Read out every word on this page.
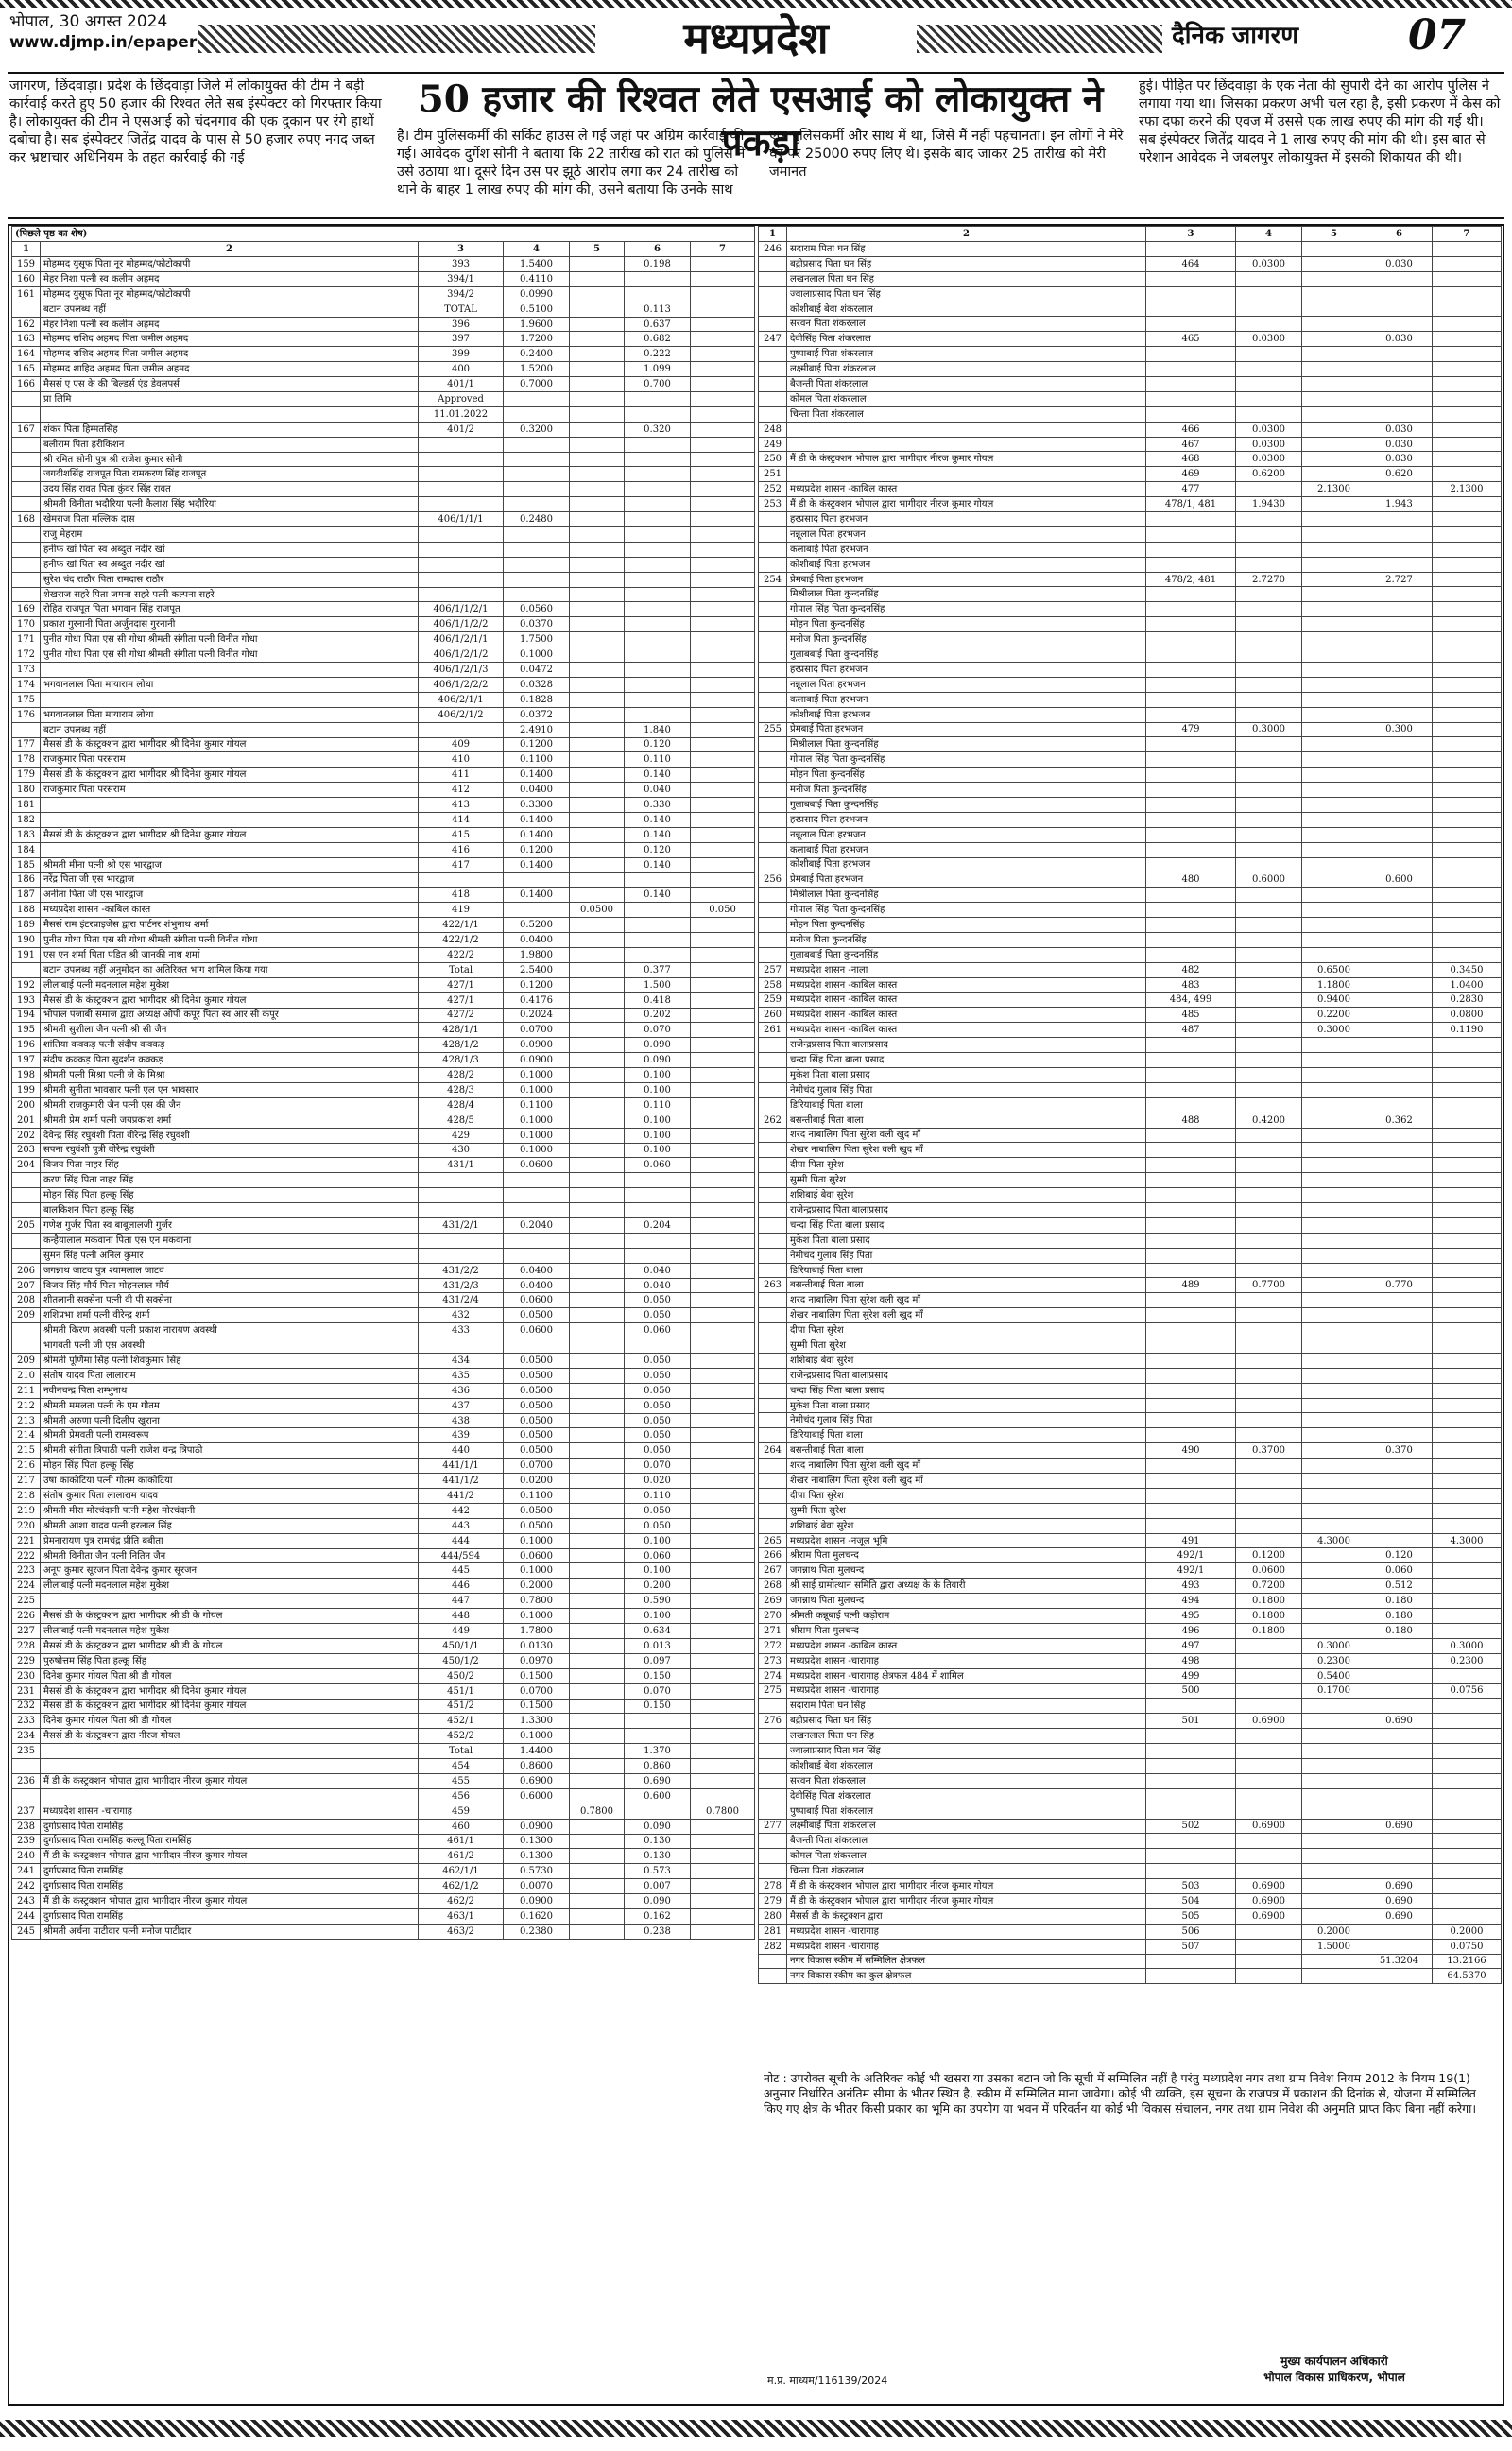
भोपाल, 30 अगस्त 2024
www.djmp.in/epaper	मध्यप्रदेश	दैनिक जागरण	07
जागरण, छिंदवाड़ा। प्रदेश के छिंदवाड़ा जिले में लोकायुक्त की टीम ने बड़ी कार्रवाई करते हुए 50 हजार की रिश्वत लेते सब इंस्पेक्टर को गिरफ्तार किया है। लोकायुक्त की टीम ने एसआई को चंदनगाव की एक दुकान पर रंगे हाथों दबोचा है। सब इंस्पेक्टर जितेंद्र यादव के पास से 50 हजार रुपए नगद जब्त कर भ्रष्टाचार अधिनियम के तहत कार्रवाई की गई
50 हजार की रिश्वत लेते एसआई को लोकायुक्त ने पकड़ा
है। टीम पुलिसकर्मी की सर्किट हाउस ले गई जहां पर अग्रिम कार्रवाई की गई। आवेदक दुर्गेश सोनी ने बताया कि 22 तारीख को रात को पुलिस ने उसे उठाया था। दूसरे दिन उस पर झूठे आरोप लगा कर 24 तारीख को थाने के बाहर 1 लाख रुपए की मांग की, उसने बताया कि उनके साथ एक पुलिसकर्मी और साथ में था, जिसे मैं नहीं पहचानता। इन लोगों ने मेरे घर पर 25000 रुपए लिए थे। इसके बाद जाकर 25 तारीख को मेरी जमानत
हुई। पीड़ित पर छिंदवाड़ा के एक नेता की सुपारी देने का आरोप पुलिस ने लगाया गया था। जिसका प्रकरण अभी चल रहा है, इसी प्रकरण में केस को रफा दफा करने की एवज में उससे एक लाख रुपए की मांग की गई थी। सब इंस्पेक्टर जितेंद्र यादव ने 1 लाख रुपए की मांग की थी। इस बात से परेशान आवेदक ने जबलपुर लोकायुक्त में इसकी शिकायत की थी।
(पिछले पृष्ठ का शेष)						
1	2	3	4	5	6	7
159	मोहम्मद युसूफ पिता नूर मोहम्मद/फोटोकापी	393	1.5400		0.198	
160	मेहर निशा पत्नी स्व कलीम अहमद	394/1	0.4110			
161	मोहम्मद युसूफ पिता नूर मोहम्मद/फोटोकापी	394/2	0.0990			
	बटान उपलब्ध नहीं	TOTAL	0.5100		0.113	
162	मेहर निशा पत्नी स्व कलीम अहमद	396	1.9600		0.637	
163	मोहम्मद राशिद अहमद पिता जमील अहमद	397	1.7200		0.682	
164	मोहम्मद राशिद अहमद पिता जमील अहमद	399	0.2400		0.222	
165	मोहम्मद शाहिद अहमद पिता जमील अहमद	400	1.5200		1.099	
166	मैसर्स ए एस के की बिल्डर्स एंड डेवलपर्स	401/1	0.7000		0.700	
	प्रा लिमि	Approved				
		11.01.2022				
167	शंकर पिता हिम्मतसिंह	401/2	0.3200		0.320	
	बलीराम पिता हरीकिशन					
	श्री रमित सोनी पुत्र श्री राजेश कुमार सोनी					
	जगदीशसिंह राजपूत पिता रामकरण सिंह राजपूत					
	उदय सिंह रावत पिता कुंवर सिंह रावत					
	श्रीमती विनीता भदौरिया पत्नी कैलाश सिंह भदौरिया					
168	खेमराज पिता मल्लिक दास	406/1/1/1	0.2480			
	राजु मेहराम					
	हनीफ खां पिता स्व अब्दुल नदीर खां					
	हनीफ खां पिता स्व अब्दुल नदीर खां					
	सुरेश चंद राठौर पिता रामदास राठौर					
	शेखराज सहरे पिता जमना सहरे पत्नी कल्पना सहरे					
169	रोहित राजपूत पिता भगवान सिंह राजपूत	406/1/1/2/1	0.0560			
170	प्रकाश गुरनानी पिता अर्जुनदास गुरनानी	406/1/1/2/2	0.0370			
171	पुनीत गोधा पिता एस सी गोधा श्रीमती संगीता पत्नी विनीत गोधा	406/1/2/1/1	1.7500			
172	पुनीत गोधा पिता एस सी गोधा श्रीमती संगीता पत्नी विनीत गोधा	406/1/2/1/2	0.1000			
173		406/1/2/1/3	0.0472			
174	भगवानलाल पिता मायाराम लोधा	406/1/2/2/2	0.0328			
175		406/2/1/1	0.1828			
176	भगवानलाल पिता मायाराम लोधा	406/2/1/2	0.0372			
	बटान उपलब्ध नहीं		2.4910		1.840	
177	मैसर्स डी के कंस्ट्रक्शन द्वारा भागीदार श्री दिनेश कुमार गोयल	409	0.1200		0.120	
178	राजकुमार पिता परसराम	410	0.1100		0.110	
179	मैसर्स डी के कंस्ट्रक्शन द्वारा भागीदार श्री दिनेश कुमार गोयल	411	0.1400		0.140	
180	राजकुमार पिता परसराम	412	0.0400		0.040	
181		413	0.3300		0.330	
182		414	0.1400		0.140	
183	मैसर्स डी के कंस्ट्रक्शन द्वारा भागीदार श्री दिनेश कुमार गोयल	415	0.1400		0.140	
184		416	0.1200		0.120	
185	श्रीमती मीना पत्नी श्री एस भारद्वाज	417	0.1400		0.140	
186	नरेंद्र पिता जी एस भारद्वाज					
187	अनीता पिता जी एस भारद्वाज	418	0.1400		0.140	
188	मध्यप्रदेश शासन -काबिल कास्त	419		0.0500		0.050
189	मैसर्स राम इंटरप्राइजेस द्वारा पार्टनर शंभुनाथ शर्मा	422/1/1	0.5200			
190	पुनीत गोधा पिता एस सी गोधा श्रीमती संगीता पत्नी विनीत गोधा	422/1/2	0.0400			
191	एस एन शर्मा पिता पंडित श्री जानकी नाथ शर्मा	422/2	1.9800			
	बटान उपलब्ध नहीं अनुमोदन का अतिरिक्त भाग शामिल किया गया	Total	2.5400		0.377	
192	लीलाबाई पत्नी मदनलाल महेश मुकेश	427/1	0.1200		1.500	
193	मैसर्स डी के कंस्ट्रक्शन द्वारा भागीदार श्री दिनेश कुमार गोयल	427/1	0.4176		0.418	
194	भोपाल पंजाबी समाज द्वारा अध्यक्ष ओपी कपूर पिता स्व आर सी कपूर	427/2	0.2024		0.202	
195	श्रीमती सुशीला जैन पत्नी श्री सी जैन	428/1/1	0.0700		0.070	
196	शांतिया कक्कड़ पत्नी संदीप कक्कड़	428/1/2	0.0900		0.090	
197	संदीप कक्कड़ पिता सुदर्शन कक्कड़	428/1/3	0.0900		0.090	
198	श्रीमती पत्नी मिश्रा पत्नी जे के मिश्रा	428/2	0.1000		0.100	
199	श्रीमती सुनीता भावसार पत्नी एल एन भावसार	428/3	0.1000		0.100	
200	श्रीमती राजकुमारी जैन पत्नी एस की जैन	428/4	0.1100		0.110	
201	श्रीमती प्रेम शर्मा पत्नी जयप्रकाश शर्मा	428/5	0.1000		0.100	
202	देवेन्द्र सिंह रघुवंशी पिता वीरेन्द्र सिंह रघुवंशी	429	0.1000		0.100	
203	सपना रघुवंशी पुत्री वीरेन्द्र रघुवंशी	430	0.1000		0.100	
204	विजय पिता नाहर सिंह	431/1	0.0600		0.060	
	करण सिंह पिता नाहर सिंह					
	मोहन सिंह पिता हल्कू सिंह					
	बालकिशन पिता हल्कू सिंह					
205	गणेश गुर्जर पिता स्व बाबूलालजी गुर्जर	431/2/1	0.2040		0.204	
	कन्हैयालाल मकवाना पिता एस एन मकवाना					
	सुमन सिंह पत्नी अनिल कुमार					
206	जगन्नाथ जाटव पुत्र श्यामलाल जाटव	431/2/2	0.0400		0.040	
207	विजय सिंह मौर्य पिता मोहनलाल मौर्य	431/2/3	0.0400		0.040	
208	शीतलानी सक्सेना पत्नी वी पी सक्सेना	431/2/4	0.0600		0.050	
209	शशिप्रभा शर्मा पत्नी वीरेन्द्र शर्मा	432	0.0500		0.050	
	श्रीमती किरण अवस्थी पत्नी प्रकाश नारायण अवस्थी	433	0.0600		0.060	
	भागवती पत्नी जी एस अवस्थी					
209	श्रीमती पूर्णिमा सिंह पत्नी शिवकुमार सिंह	434	0.0500		0.050	
210	संतोष यादव पिता लालाराम	435	0.0500		0.050	
211	नवीनचन्द्र पिता शम्भुनाथ	436	0.0500		0.050	
212	श्रीमती ममलता पत्नी के एम गौतम	437	0.0500		0.050	
213	श्रीमती अरुणा पत्नी दिलीप खुराना	438	0.0500		0.050	
214	श्रीमती प्रेमवती पत्नी रामस्वरूप	439	0.0500		0.050	
215	श्रीमती संगीता त्रिपाठी पत्नी राजेश चन्द्र त्रिपाठी	440	0.0500		0.050	
216	मोहन सिंह पिता हल्कू सिंह	441/1/1	0.0700		0.070	
217	उषा काकोटिया पत्नी गौतम काकोटिया	441/1/2	0.0200		0.020	
218	संतोष कुमार पिता लालाराम यादव	441/2	0.1100		0.110	
219	श्रीमती मीरा मोरचंदानी पत्नी महेश मोरचंदानी	442	0.0500		0.050	
220	श्रीमती आशा यादव पत्नी हरलाल सिंह	443	0.0500		0.050	
221	प्रेमनारायण पुत्र रामचंद्र प्रीति बबीता	444	0.1000		0.100	
222	श्रीमती विनीता जैन पत्नी नितिन जैन	444/594	0.0600		0.060	
223	अनूप कुमार सूरजन पिता देवेन्द्र कुमार सूरजन	445	0.1000		0.100	
224	लीलाबाई पत्नी मदनलाल महेश मुकेश	446	0.2000		0.200	
225		447	0.7800		0.590	
226	मैसर्स डी के कंस्ट्रक्शन द्वारा भागीदार श्री डी के गोयल	448	0.1000		0.100	
227	लीलाबाई पत्नी मदनलाल महेश मुकेश	449	1.7800		0.634	
228	मैसर्स डी के कंस्ट्रक्शन द्वारा भागीदार श्री डी के गोयल	450/1/1	0.0130		0.013	
229	पुरुषोत्तम सिंह पिता हल्कू सिंह	450/1/2	0.0970		0.097	
230	दिनेश कुमार गोयल पिता श्री डी गोयल	450/2	0.1500		0.150	
231	मैसर्स डी के कंस्ट्रक्शन द्वारा भागीदार श्री दिनेश कुमार गोयल	451/1	0.0700		0.070	
232	मैसर्स डी के कंस्ट्रक्शन द्वारा भागीदार श्री दिनेश कुमार गोयल	451/2	0.1500		0.150	
233	दिनेश कुमार गोयल पिता श्री डी गोयल	452/1	1.3300			
234	मैसर्स डी के कंस्ट्रक्शन द्वारा नीरज गोयल	452/2	0.1000			
235		Total	1.4400		1.370	
		454	0.8600		0.860	
236	मैं डी के कंस्ट्रक्शन भोपाल द्वारा भागीदार नीरज कुमार गोयल	455	0.6900		0.690	
		456	0.6000		0.600	
237	मध्यप्रदेश शासन -चारागाह	459		0.7800		0.7800
238	दुर्गाप्रसाद पिता रामसिंह	460	0.0900		0.090	
239	दुर्गाप्रसाद पिता रामसिंह कल्लू पिता रामसिंह	461/1	0.1300		0.130	
240	मैं डी के कंस्ट्रक्शन भोपाल द्वारा भागीदार नीरज कुमार गोयल	461/2	0.1300		0.130	
241	दुर्गाप्रसाद पिता रामसिंह	462/1/1	0.5730		0.573	
242	दुर्गाप्रसाद पिता रामसिंह	462/1/2	0.0070		0.007	
243	मैं डी के कंस्ट्रक्शन भोपाल द्वारा भागीदार नीरज कुमार गोयल	462/2	0.0900		0.090	
244	दुर्गाप्रसाद पिता रामसिंह	463/1	0.1620		0.162	
245	श्रीमती अर्चना पाटीदार पत्नी मनोज पाटीदार	463/2	0.2380		0.238	
1	2	3	4	5	6	7
246	सदाराम पिता घन सिंह					
	बद्रीप्रसाद पिता घन सिंह	464	0.0300		0.030	
	लखनलाल पिता घन सिंह					
	ज्वालाप्रसाद पिता घन सिंह					
	कोशीबाई बेवा शंकरलाल					
	सरवन पिता शंकरलाल					
247	देवीसिंह पिता शंकरलाल	465	0.0300		0.030	
	पुष्पाबाई पिता शंकरलाल					
	लक्ष्मीबाई पिता शंकरलाल					
	बैजन्ती पिता शंकरलाल					
	कोमल पिता शंकरलाल					
	चिन्ता पिता शंकरलाल					
248		466	0.0300		0.030	
249		467	0.0300		0.030	
250	मैं डी के कंस्ट्रक्शन भोपाल द्वारा भागीदार नीरज कुमार गोयल	468	0.0300		0.030	
251		469	0.6200		0.620	
252	मध्यप्रदेश शासन -काबिल कास्त	477		2.1300		2.1300
253	मैं डी के कंस्ट्रक्शन भोपाल द्वारा भागीदार नीरज कुमार गोयल	478/1, 481	1.9430		1.943	
	हरप्रसाद पिता हरभजन					
	नन्नूलाल पिता हरभजन					
	कलाबाई पिता हरभजन					
	कोशीबाई पिता हरभजन					
254	प्रेमबाई पिता हरभजन	478/2, 481	2.7270		2.727	
	मिश्रीलाल पिता कुन्दनसिंह					
	गोपाल सिंह पिता कुन्दनसिंह					
	मोहन पिता कुन्दनसिंह					
	मनोज पिता कुन्दनसिंह					
	गुलाबबाई पिता कुन्दनसिंह					
	हरप्रसाद पिता हरभजन					
	नन्नूलाल पिता हरभजन					
	कलाबाई पिता हरभजन					
	कोशीबाई पिता हरभजन					
255	प्रेमबाई पिता हरभजन	479	0.3000		0.300	
	मिश्रीलाल पिता कुन्दनसिंह					
	गोपाल सिंह पिता कुन्दनसिंह					
	मोहन पिता कुन्दनसिंह					
	मनोज पिता कुन्दनसिंह					
	गुलाबबाई पिता कुन्दनसिंह					
	हरप्रसाद पिता हरभजन					
	नन्नूलाल पिता हरभजन					
	कलाबाई पिता हरभजन					
	कोशीबाई पिता हरभजन					
256	प्रेमबाई पिता हरभजन	480	0.6000		0.600	
	मिश्रीलाल पिता कुन्दनसिंह					
	गोपाल सिंह पिता कुन्दनसिंह					
	मोहन पिता कुन्दनसिंह					
	मनोज पिता कुन्दनसिंह					
	गुलाबबाई पिता कुन्दनसिंह					
257	मध्यप्रदेश शासन -नाला	482		0.6500		0.3450
258	मध्यप्रदेश शासन -काबिल कास्त	483		1.1800		1.0400
259	मध्यप्रदेश शासन -काबिल कास्त	484, 499		0.9400		0.2830
260	मध्यप्रदेश शासन -काबिल कास्त	485		0.2200		0.0800
261	मध्यप्रदेश शासन -काबिल कास्त	487		0.3000		0.1190
	राजेन्द्रप्रसाद पिता बालाप्रसाद					
	चन्दा सिंह पिता बाला प्रसाद					
	मुकेश पिता बाला प्रसाद					
	नेमीचंद गुलाब सिंह पिता					
	डिरियाबाई पिता बाला					
262	बसन्तीबाई पिता बाला	488	0.4200		0.362	
	शरद नाबालिग पिता सुरेश वली खुद माँ					
	शेखर नाबालिग पिता सुरेश वली खुद माँ					
	दीपा पिता सुरेश					
	सुम्मी पिता सुरेश					
	शशिबाई बेवा सुरेश					
	राजेन्द्रप्रसाद पिता बालाप्रसाद					
	चन्दा सिंह पिता बाला प्रसाद					
	मुकेश पिता बाला प्रसाद					
	नेमीचंद गुलाब सिंह पिता					
	डिरियाबाई पिता बाला					
263	बसन्तीबाई पिता बाला	489	0.7700		0.770	
	शरद नाबालिग पिता सुरेश वली खुद माँ					
	शेखर नाबालिग पिता सुरेश वली खुद माँ					
	दीपा पिता सुरेश					
	सुम्मी पिता सुरेश					
	शशिबाई बेवा सुरेश					
	राजेन्द्रप्रसाद पिता बालाप्रसाद					
	चन्दा सिंह पिता बाला प्रसाद					
	मुकेश पिता बाला प्रसाद					
	नेमीचंद गुलाब सिंह पिता					
	डिरियाबाई पिता बाला					
264	बसन्तीबाई पिता बाला	490	0.3700		0.370	
	शरद नाबालिग पिता सुरेश वली खुद माँ					
	शेखर नाबालिग पिता सुरेश वली खुद माँ					
	दीपा पिता सुरेश					
	सुम्मी पिता सुरेश					
	शशिबाई बेवा सुरेश					
265	मध्यप्रदेश शासन -नजूल भूमि	491		4.3000		4.3000
266	श्रीराम पिता मुलचन्द	492/1	0.1200		0.120	
267	जगन्नाथ पिता मुलचन्द	492/1	0.0600		0.060	
268	श्री साई ग्रामोत्थान समिति द्वारा अध्यक्ष के के तिवारी	493	0.7200		0.512	
269	जगन्नाथ पिता मुलचन्द	494	0.1800		0.180	
270	श्रीमती कन्नूबाई पत्नी कड़ोराम	495	0.1800		0.180	
271	श्रीराम पिता मुलचन्द	496	0.1800		0.180	
272	मध्यप्रदेश शासन -काबिल कास्त	497		0.3000		0.3000
273	मध्यप्रदेश शासन -चारागाह	498		0.2300		0.2300
274	मध्यप्रदेश शासन -चारागाह क्षेत्रफल 484 में शामिल	499		0.5400		
275	मध्यप्रदेश शासन -चारागाह	500		0.1700		0.0756
	सदाराम पिता घन सिंह					
276	बद्रीप्रसाद पिता घन सिंह	501	0.6900		0.690	
	लखनलाल पिता घन सिंह					
	ज्वालाप्रसाद पिता घन सिंह					
	कोशीबाई बेवा शंकरलाल					
	सरवन पिता शंकरलाल					
	देवीसिंह पिता शंकरलाल					
	पुष्पाबाई पिता शंकरलाल					
277	लक्ष्मीबाई पिता शंकरलाल	502	0.6900		0.690	
	बैजन्ती पिता शंकरलाल					
	कोमल पिता शंकरलाल					
	चिन्ता पिता शंकरलाल					
278	मैं डी के कंस्ट्रक्शन भोपाल द्वारा भागीदार नीरज कुमार गोयल	503	0.6900		0.690	
279	मैं डी के कंस्ट्रक्शन भोपाल द्वारा भागीदार नीरज कुमार गोयल	504	0.6900		0.690	
280	मैसर्स डी के कंस्ट्रक्शन द्वारा	505	0.6900		0.690	
281	मध्यप्रदेश शासन -चारागाह	506		0.2000		0.2000
282	मध्यप्रदेश शासन -चारागाह	507		1.5000		0.0750
	नगर विकास स्कीम में सम्मिलित क्षेत्रफल				51.3204	13.2166
	नगर विकास स्कीम का कुल क्षेत्रफल					64.5370
नोट : उपरोक्त सूची के अतिरिक्त कोई भी खसरा या उसका बटान जो कि सूची में सम्मिलित नहीं है परंतु मध्यप्रदेश नगर तथा ग्राम निवेश नियम 2012 के नियम 19(1) अनुसार निर्धारित अनंतिम सीमा के भीतर स्थित है, स्कीम में सम्मिलित माना जावेगा। कोई भी व्यक्ति, इस सूचना के राजपत्र में प्रकाशन की दिनांक से, योजना में सम्मिलित किए गए क्षेत्र के भीतर किसी प्रकार का भूमि का उपयोग या भवन में परिवर्तन या कोई भी विकास संचालन, नगर तथा ग्राम निवेश की अनुमति प्राप्त किए बिना नहीं करेगा।
मुख्य कार्यपालन अधिकारी
भोपाल विकास प्राधिकरण, भोपाल
म.प्र. माध्यम/116139/2024
